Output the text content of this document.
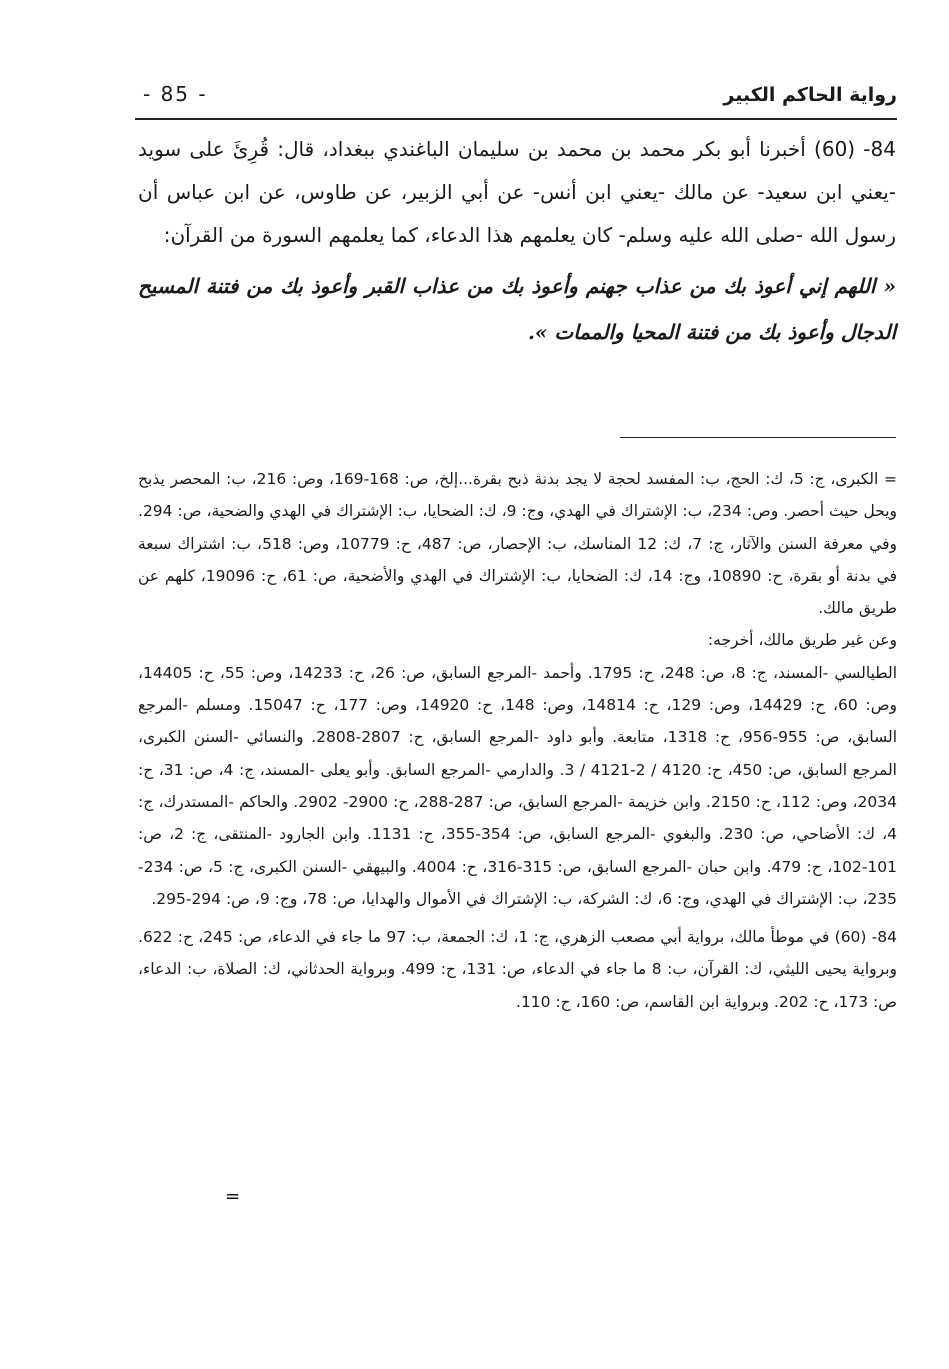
رواية الحاكم الكبير
- 85 -

84- (60) أخبرنا أبو بكر محمد بن محمد بن سليمان الباغندي ببغداد، قال: قُرِئَ على سويد -يعني ابن سعيد- عن مالك -يعني ابن أنس- عن أبي الزبير، عن طاوس، عن ابن عباس أن رسول الله -صلى الله عليه وسلم- كان يعلمهم هذا الدعاء، كما يعلمهم السورة من القرآن:

« اللهم إني أعوذ بك من عذاب جهنم وأعوذ بك من عذاب القبر وأعوذ بك من فتنة المسيح الدجال وأعوذ بك من فتنة المحيا والممات ».

= الكبرى، ج: 5، ك: الحج، ب: المفسد لحجة لا يجد بدنة ذبح بقرة...إلخ، ص: 168-169، وص: 216، ب: المحصر يذبح ويحل حيث أحصر. وص: 234، ب: الإشتراك في الهدي، وج: 9، ك: الضحايا، ب: الإشتراك في الهدي والضحية، ص: 294. وفي معرفة السنن والآثار، ج: 7، ك: 12 المناسك، ب: الإحصار، ص: 487، ح: 10779، وص: 518، ب: اشتراك سبعة في بدنة أو بقرة، ح: 10890، وج: 14، ك: الضحايا، ب: الإشتراك في الهدي والأضحية، ص: 61، ح: 19096، كلهم عن طريق مالك.

وعن غير طريق مالك، أخرجه:

الطيالسي -المسند، ج: 8، ص: 248، ح: 1795. وأحمد -المرجع السابق، ص: 26، ح: 14233، وص: 55، ح: 14405، وص: 60، ح: 14429، وص: 129، ح: 14814، وص: 148، ح: 14920، وص: 177، ح: 15047. ومسلم -المرجع السابق، ص: 955-956، ح: 1318، متابعة. وأبو داود -المرجع السابق، ح: 2807-2808. والنسائي -السنن الكبرى، المرجع السابق، ص: 450، ح: 4120 / 2-4121 / 3. والدارمي -المرجع السابق. وأبو يعلى -المسند، ج: 4، ص: 31، ح: 2034، وص: 112، ح: 2150. وابن خزيمة -المرجع السابق، ص: 287-288، ح: 2900- 2902. والحاكم -المستدرك، ج: 4، ك: الأضاحي، ص: 230. والبغوي -المرجع السابق، ص: 354-355، ح: 1131. وابن الجارود -المنتقى، ج: 2، ص: 101-102، ح: 479. وابن حبان -المرجع السابق، ص: 315-316، ح: 4004. والبيهقي -السنن الكبرى، ج: 5، ص: 234-235، ب: الإشتراك في الهدي، وج: 6، ك: الشركة، ب: الإشتراك في الأموال والهدايا، ص: 78، وج: 9، ص: 294-295.

84- (60) في موطأ مالك، برواية أبي مصعب الزهري، ج: 1، ك: الجمعة، ب: 97 ما جاء في الدعاء، ص: 245، ح: 622. وبرواية يحيى الليثي، ك: القرآن، ب: 8 ما جاء في الدعاء، ص: 131، ح: 499. وبرواية الحدثاني، ك: الصلاة، ب: الدعاء، ص: 173، ح: 202. وبرواية ابن القاسم، ص: 160، ح: 110.

=
